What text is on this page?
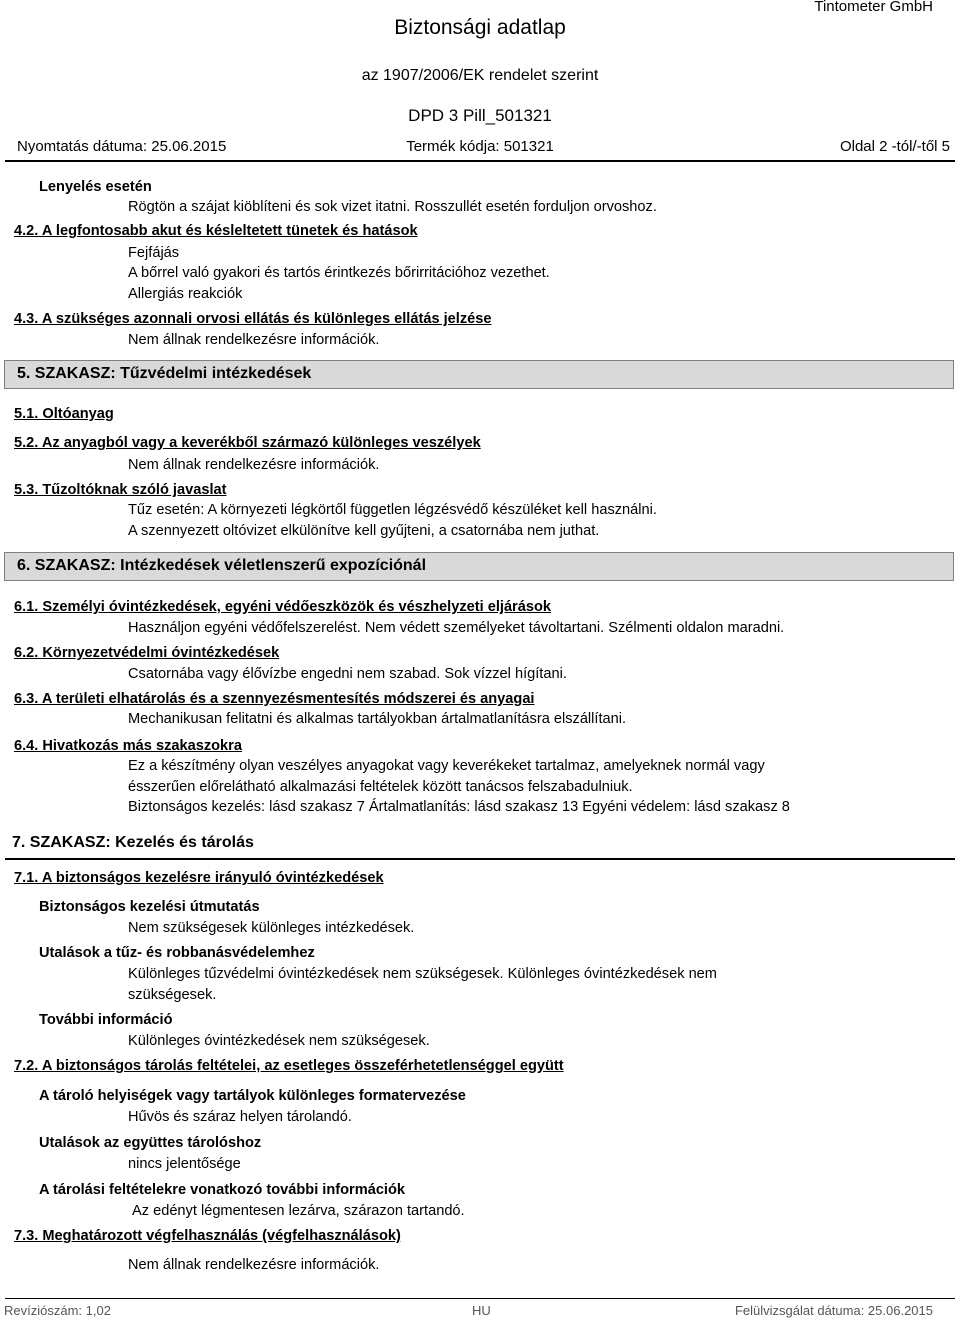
Biztonsági adatlap
Tintometer GmbH
az 1907/2006/EK rendelet szerint
DPD 3 Pill_501321
Nyomtatás dátuma: 25.06.2015	Termék kódja: 501321	Oldal 2 -tól/-től 5
Lenyelés esetén
Rögtön a szájat kiöblíteni és sok vizet itatni. Rosszullét esetén forduljon orvoshoz.
4.2. A legfontosabb akut és késleltetett tünetek és hatások
Fejfájás
A bőrrel való gyakori és tartós érintkezés bőrirritációhoz vezethet.
Allergiás reakciók
4.3. A szükséges azonnali orvosi ellátás és különleges ellátás jelzése
Nem állnak rendelkezésre információk.
5. SZAKASZ: Tűzvédelmi intézkedések
5.1. Oltóanyag
5.2. Az anyagból vagy a keverékből származó különleges veszélyek
Nem állnak rendelkezésre információk.
5.3. Tűzoltóknak szóló javaslat
Tűz esetén: A környezeti légkörtől független légzésvédő készüléket kell használni.
A szennyezett oltóvizet elkülönítve kell gyűjteni, a csatornába nem juthat.
6. SZAKASZ: Intézkedések véletlenszerű expozíciónál
6.1. Személyi óvintézkedések, egyéni védőeszközök és vészhelyzeti eljárások
Használjon egyéni védőfelszerelést. Nem védett személyeket távoltartani. Szélmenti oldalon maradni.
6.2. Környezetvédelmi óvintézkedések
Csatornába vagy élővízbe engedni nem szabad. Sok vízzel hígítani.
6.3. A területi elhatárolás és a szennyezésmentesítés módszerei és anyagai
Mechanikusan felitatni és alkalmas tartályokban ártalmatlanításra elszállítani.
6.4. Hivatkozás más szakaszokra
Ez a készítmény olyan veszélyes anyagokat vagy keverékeket tartalmaz, amelyeknek normál vagy
ésszerűen előrelátható alkalmazási feltételek között tanácsos felszabadulniuk.
Biztonságos kezelés: lásd szakasz 7 Ártalmatlanítás: lásd szakasz 13 Egyéni védelem: lásd szakasz 8
7. SZAKASZ: Kezelés és tárolás
7.1. A biztonságos kezelésre irányuló óvintézkedések
Biztonságos kezelési útmutatás
Nem szükségesek különleges intézkedések.
Utalások a tűz- és robbanásvédelemhez
Különleges tűzvédelmi óvintézkedések nem szükségesek. Különleges óvintézkedések nem
szükségesek.
További információ
Különleges óvintézkedések nem szükségesek.
7.2. A biztonságos tárolás feltételei, az esetleges összeférhetetlenséggel együtt
A tároló helyiségek vagy tartályok különleges formatervezése
Hűvös és száraz helyen tárolandó.
Utalások az együttes tárolóshoz
nincs jelentősége
A tárolási feltételekre vonatkozó további információk
Az edényt légmentesen lezárva, szárazon tartandó.
7.3. Meghatározott végfelhasználás (végfelhasználások)
Nem állnak rendelkezésre információk.
Revíziószám: 1,02	HU	Felülvizsgálat dátuma: 25.06.2015
